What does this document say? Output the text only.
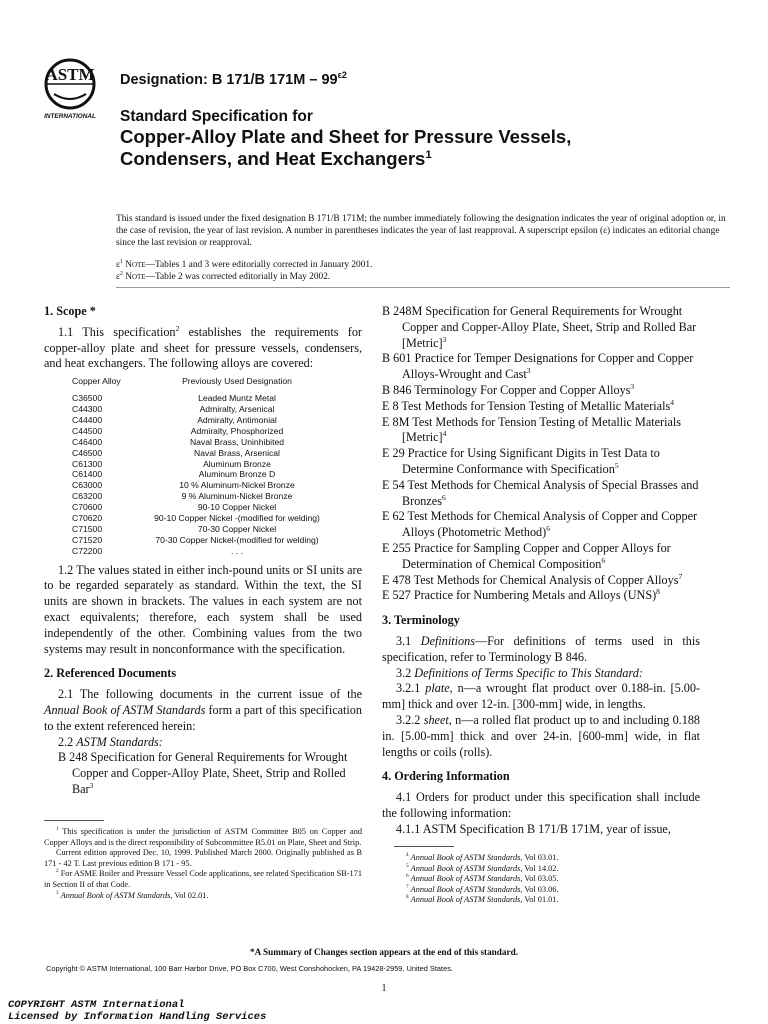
ASTM
INTERNATIONAL
Designation: B 171/B $171M - 99^{\varepsilon 2}$

Standard Specification for

Copper-Alloy Plate and Sheet for Pressure Vessels,

Condensers, and Heat Exchangers$^1$

This standard is issued under the fixed designation B 171/B 171M; the number immediately following the designation indicates the year of original adoption or, in the case of revision, the year of last revision. A number in parentheses indicates the year of last reapproval. A superscript epsilon (ε) indicates an editorial change since the last revision or reapproval.
$\varepsilon^1$ Note—Tables 1 and 3 were editorially corrected in January 2001.
$\varepsilon^2$ Note—Table 2 was corrected editorially in May 2002.

1. Scope *

1.1 This specification$^2$ establishes the requirements for copper-alloy plate and sheet for pressure vessels, condensers, and heat exchangers. The following alloys are covered:

Copper Alloy	Previously Used Designation
C36500	Leaded Muntz Metal
C44300	Admiralty, Arsenical
C44400	Admiralty, Antimonial
C44500	Admiralty, Phosphorized
C46400	Naval Brass, Uninhibited
C46500	Naval Brass, Arsenical
C61300	Aluminum Bronze
C61400	Aluminum Bronze D
C63000	10 % Aluminum-Nickel Bronze
C63200	9 % Aluminum-Nickel Bronze
C70600	90-10 Copper Nickel
C70620	90-10 Copper Nickel -(modified for welding)
C71500	70-30 Copper Nickel
C71520	70-30 Copper Nickel-(modified for welding)
C72200	. . .

1.2 The values stated in either inch-pound units or SI units are to be regarded separately as standard. Within the text, the SI units are shown in brackets. The values in each system are not exact equivalents; therefore, each system shall be used independently of the other. Combining values from the two systems may result in nonconformance with the specification.

2. Referenced Documents

2.1 The following documents in the current issue of the Annual Book of ASTM Standards form a part of this specification to the extent referenced herein:

2.2 ASTM Standards:

B 248 Specification for General Requirements for Wrought Copper and Copper-Alloy Plate, Sheet, Strip and Rolled Bar$^3$

$^1$ This specification is under the jurisdiction of ASTM Committee B05 on Copper and Copper Alloys and is the direct responsibility of Subcommittee B5.01 on Plate, Sheet and Strip.

Current edition approved Dec. 10, 1999. Published March 2000. Originally published as B 171 - 42 T. Last previous edition B 171 - 95.

$^2$ For ASME Boiler and Pressure Vessel Code applications, see related Specification SB-171 in Section II of that Code.

$^3$ Annual Book of ASTM Standards, Vol 02.01.

B 248M Specification for General Requirements for Wrought Copper and Copper-Alloy Plate, Sheet, Strip and Rolled Bar [Metric]$^3$

B 601 Practice for Temper Designations for Copper and Copper Alloys-Wrought and Cast$^3$

B 846 Terminology For Copper and Copper Alloys$^3$

E 8 Test Methods for Tension Testing of Metallic Materials$^4$

E 8M Test Methods for Tension Testing of Metallic Materials [Metric]$^4$

E 29 Practice for Using Significant Digits in Test Data to Determine Conformance with Specification$^5$

E 54 Test Methods for Chemical Analysis of Special Brasses and Bronzes$^6$

E 62 Test Methods for Chemical Analysis of Copper and Copper Alloys (Photometric Method)$^6$

E 255 Practice for Sampling Copper and Copper Alloys for Determination of Chemical Composition$^6$

E 478 Test Methods for Chemical Analysis of Copper Alloys$^7$

E 527 Practice for Numbering Metals and Alloys (UNS)$^8$

3. Terminology

3.1 Definitions—For definitions of terms used in this specification, refer to Terminology B 846.

3.2 Definitions of Terms Specific to This Standard:

3.2.1 plate, n—a wrought flat product over 0.188-in. [5.00-mm] thick and over 12-in. [300-mm] wide, in lengths.

3.2.2 sheet, n—a rolled flat product up to and including 0.188 in. [5.00-mm] thick and over 24-in. [600-mm] wide, in flat lengths or coils (rolls).

4. Ordering Information

4.1 Orders for product under this specification shall include the following information:

4.1.1 ASTM Specification B 171/B 171M, year of issue,

$^4$ Annual Book of ASTM Standards, Vol 03.01.

$^5$ Annual Book of ASTM Standards, Vol 14.02.

$^6$ Annual Book of ASTM Standards, Vol 03.05.

$^7$ Annual Book of ASTM Standards, Vol 03.06.

$^8$ Annual Book of ASTM Standards, Vol 01.01.

*A Summary of Changes section appears at the end of this standard.
Copyright © ASTM International, 100 Barr Harbor Drive, PO Box C700, West Conshohocken, PA 19428-2959, United States.
1
COPYRIGHT ASTM International
Licensed by Information Handling Services
